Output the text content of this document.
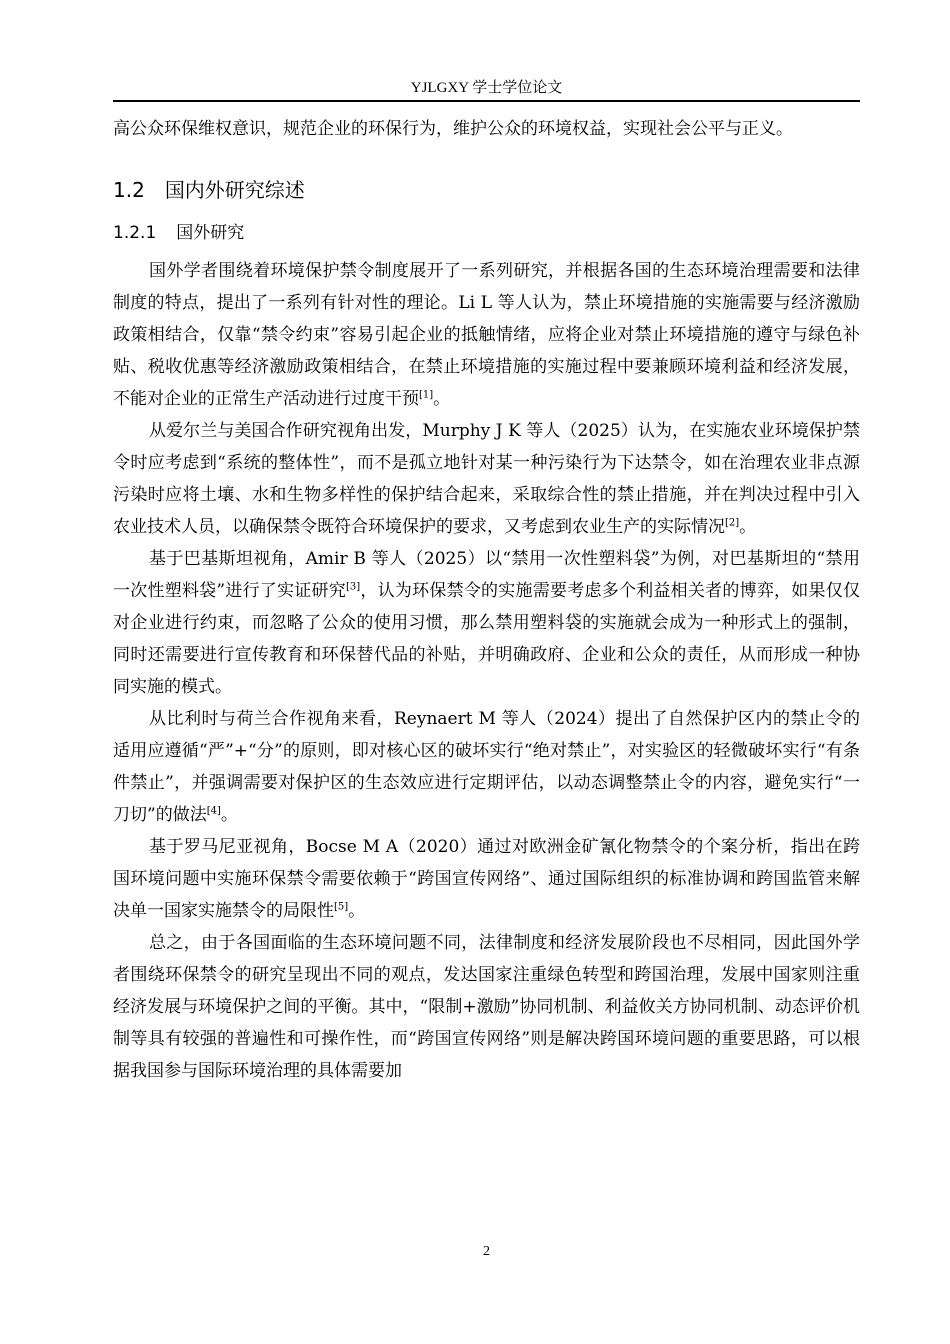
YJLGXY 学士学位论文

高公众环保维权意识，规范企业的环保行为，维护公众的环境权益，实现社会公平与正义。

1.2 国内外研究综述
1.2.1 国外研究

国外学者围绕着环境保护禁令制度展开了一系列研究，并根据各国的生态环境治理需要和法律制度的特点，提出了一系列有针对性的理论。Li L 等人认为，禁止环境措施的实施需要与经济激励政策相结合，仅靠“禁令约束”容易引起企业的抵触情绪，应将企业对禁止环境措施的遵守与绿色补贴、税收优惠等经济激励政策相结合，在禁止环境措施的实施过程中要兼顾环境利益和经济发展，不能对企业的正常生产活动进行过度干预[1]。

从爱尔兰与美国合作研究视角出发，Murphy J K 等人（2025）认为，在实施农业环境保护禁令时应考虑到“系统的整体性”，而不是孤立地针对某一种污染行为下达禁令，如在治理农业非点源污染时应将土壤、水和生物多样性的保护结合起来，采取综合性的禁止措施，并在判决过程中引入农业技术人员，以确保禁令既符合环境保护的要求，又考虑到农业生产的实际情况[2]。

基于巴基斯坦视角，Amir B 等人（2025）以“禁用一次性塑料袋”为例，对巴基斯坦的“禁用一次性塑料袋”进行了实证研究[3]，认为环保禁令的实施需要考虑多个利益相关者的博弈，如果仅仅对企业进行约束，而忽略了公众的使用习惯，那么禁用塑料袋的实施就会成为一种形式上的强制，同时还需要进行宣传教育和环保替代品的补贴，并明确政府、企业和公众的责任，从而形成一种协同实施的模式。

从比利时与荷兰合作视角来看，Reynaert M 等人（2024）提出了自然保护区内的禁止令的适用应遵循“严”+“分”的原则，即对核心区的破坏实行“绝对禁止”，对实验区的轻微破坏实行“有条件禁止”，并强调需要对保护区的生态效应进行定期评估，以动态调整禁止令的内容，避免实行“一刀切”的做法[4]。

基于罗马尼亚视角，Bocse M A（2020）通过对欧洲金矿氰化物禁令的个案分析，指出在跨国环境问题中实施环保禁令需要依赖于“跨国宣传网络”、通过国际组织的标准协调和跨国监管来解决单一国家实施禁令的局限性[5]。

总之，由于各国面临的生态环境问题不同，法律制度和经济发展阶段也不尽相同，因此国外学者围绕环保禁令的研究呈现出不同的观点，发达国家注重绿色转型和跨国治理，发展中国家则注重经济发展与环境保护之间的平衡。其中，“限制+激励”协同机制、利益攸关方协同机制、动态评价机制等具有较强的普遍性和可操作性，而“跨国宣传网络”则是解决跨国环境问题的重要思路，可以根据我国参与国际环境治理的具体需要加

2
